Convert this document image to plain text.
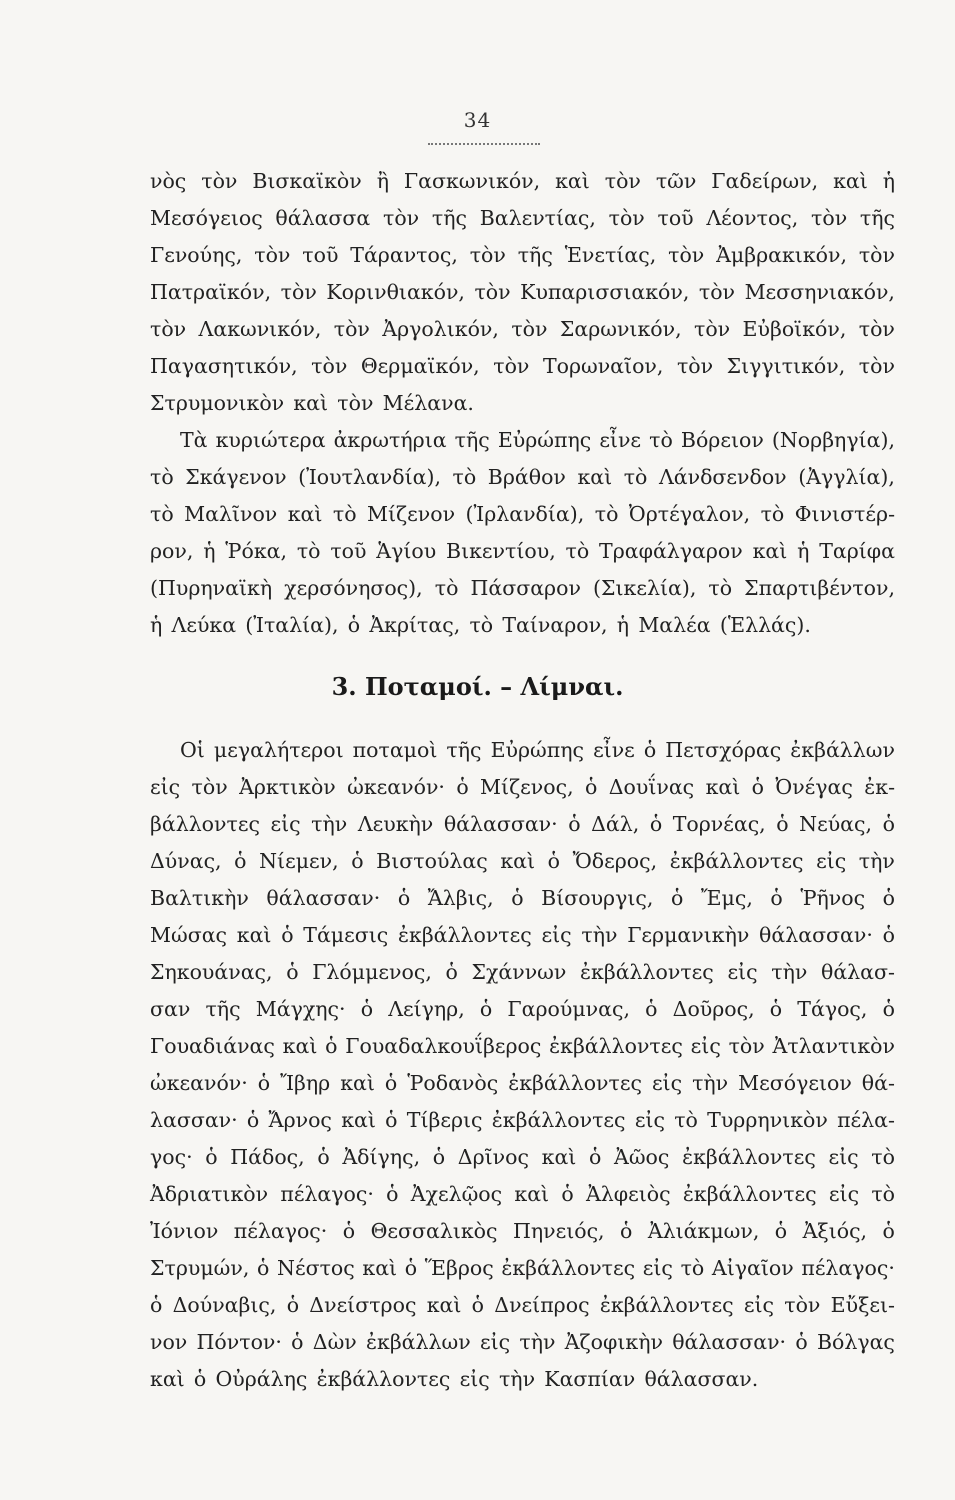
34
νὸς τὸν Βισκαϊκὸν ἢ Γασκωνικόν, καὶ τὸν τῶν Γαδείρων, καὶ ἡ
Μεσόγειος θάλασσα τὸν τῆς Βαλεντίας, τὸν τοῦ Λέοντος, τὸν τῆς
Γενούης, τὸν τοῦ Τάραντος, τὸν τῆς Ἑνετίας, τὸν Ἀμβρακικόν, τὸν
Πατραϊκόν, τὸν Κορινθιακόν, τὸν Κυπαρισσιακόν, τὸν Μεσσηνιακόν,
τὸν Λακωνικόν, τὸν Ἀργολικόν, τὸν Σαρωνικόν, τὸν Εὐβοϊκόν, τὸν
Παγασητικόν, τὸν Θερμαϊκόν, τὸν Τορωναῖον, τὸν Σιγγιτικόν, τὸν
Στρυμονικὸν καὶ τὸν Μέλανα.
Τὰ κυριώτερα ἀκρωτήρια τῆς Εὐρώπης εἶνε τὸ Βόρειον (Νορβηγία),
τὸ Σκάγενον (Ἰουτλανδία), τὸ Βράθον καὶ τὸ Λάνδσενδον (Ἀγγλία),
τὸ Μαλῖνον καὶ τὸ Μίζενον (Ἰρλανδία), τὸ Ὀρτέγαλον, τὸ Φινιστέρ-
ρον, ἡ Ῥόκα, τὸ τοῦ Ἁγίου Βικεντίου, τὸ Τραφάλγαρον καὶ ἡ Ταρίφα
(Πυρηναϊκὴ χερσόνησος), τὸ Πάσσαρον (Σικελία), τὸ Σπαρτιβέντον,
ἡ Λεύκα (Ἰταλία), ὁ Ἀκρίτας, τὸ Ταίναρον, ἡ Μαλέα (Ἑλλάς).
3. Ποταμοί. – Λίμναι.
Οἱ μεγαλήτεροι ποταμοὶ τῆς Εὐρώπης εἶνε ὁ Πετσχόρας ἐκβάλλων
εἰς τὸν Ἀρκτικὸν ὠκεανόν· ὁ Μίζενος, ὁ Δουΐνας καὶ ὁ Ὀνέγας ἐκ-
βάλλοντες εἰς τὴν Λευκὴν θάλασσαν· ὁ Δάλ, ὁ Τορνέας, ὁ Νεύας, ὁ
Δύνας, ὁ Νίεμεν, ὁ Βιστούλας καὶ ὁ Ὄδερος, ἐκβάλλοντες εἰς τὴν
Βαλτικὴν θάλασσαν· ὁ Ἄλβις, ὁ Βίσουργις, ὁ Ἔμς, ὁ Ῥῆνος ὁ
Μώσας καὶ ὁ Τάμεσις ἐκβάλλοντες εἰς τὴν Γερμανικὴν θάλασσαν· ὁ
Σηκουάνας, ὁ Γλόμμενος, ὁ Σχάννων ἐκβάλλοντες εἰς τὴν θάλασ-
σαν τῆς Μάγχης· ὁ Λείγηρ, ὁ Γαρούμνας, ὁ Δοῦρος, ὁ Τάγος, ὁ
Γουαδιάνας καὶ ὁ Γουαδαλκουΐβερος ἐκβάλλοντες εἰς τὸν Ἀτλαντικὸν
ὠκεανόν· ὁ Ἴβηρ καὶ ὁ Ῥοδανὸς ἐκβάλλοντες εἰς τὴν Μεσόγειον θά-
λασσαν· ὁ Ἄρνος καὶ ὁ Τίβερις ἐκβάλλοντες εἰς τὸ Τυρρηνικὸν πέλα-
γος· ὁ Πάδος, ὁ Ἀδίγης, ὁ Δρῖνος καὶ ὁ Ἀῶος ἐκβάλλοντες εἰς τὸ
Ἀδριατικὸν πέλαγος· ὁ Ἀχελῷος καὶ ὁ Ἀλφειὸς ἐκβάλλοντες εἰς τὸ
Ἰόνιον πέλαγος· ὁ Θεσσαλικὸς Πηνειός, ὁ Ἀλιάκμων, ὁ Ἀξιός, ὁ
Στρυμών, ὁ Νέστος καὶ ὁ Ἕβρος ἐκβάλλοντες εἰς τὸ Αἰγαῖον πέλαγος·
ὁ Δούναβις, ὁ Δνείστρος καὶ ὁ Δνείπρος ἐκβάλλοντες εἰς τὸν Εὔξει-
νον Πόντον· ὁ Δὼν ἐκβάλλων εἰς τὴν Ἀζοφικὴν θάλασσαν· ὁ Βόλγας
καὶ ὁ Οὐράλης ἐκβάλλοντες εἰς τὴν Κασπίαν θάλασσαν.
